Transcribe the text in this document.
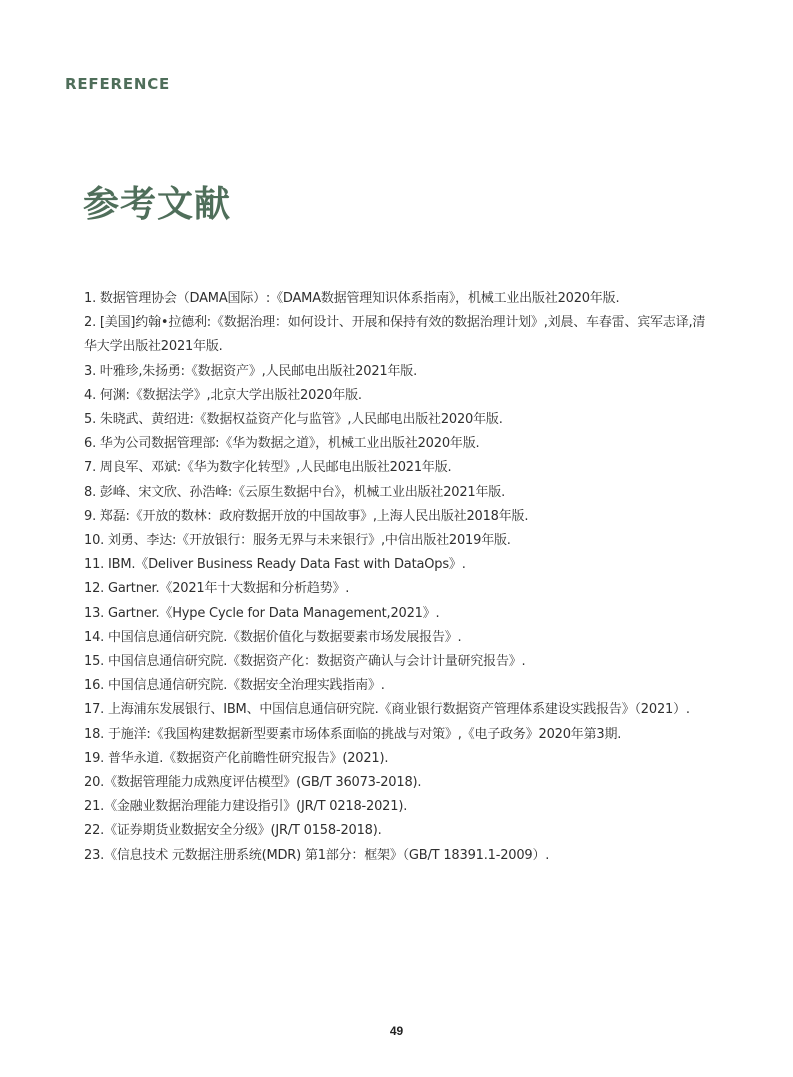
REFERENCE
参考文献
1. 数据管理协会（DAMA国际）:《DAMA数据管理知识体系指南》，机械工业出版社2020年版.
2. [美国]约翰•拉德利:《数据治理：如何设计、开展和保持有效的数据治理计划》,刘晨、车春雷、宾军志译,清华大学出版社2021年版.
3. 叶雅珍,朱扬勇:《数据资产》,人民邮电出版社2021年版.
4. 何渊:《数据法学》,北京大学出版社2020年版.
5. 朱晓武、黄绍进:《数据权益资产化与监管》,人民邮电出版社2020年版.
6. 华为公司数据管理部:《华为数据之道》，机械工业出版社2020年版.
7. 周良军、邓斌:《华为数字化转型》,人民邮电出版社2021年版.
8. 彭峰、宋文欣、孙浩峰:《云原生数据中台》，机械工业出版社2021年版.
9. 郑磊:《开放的数林：政府数据开放的中国故事》,上海人民出版社2018年版.
10. 刘勇、李达:《开放银行：服务无界与未来银行》,中信出版社2019年版.
11. IBM.《Deliver Business Ready Data Fast with DataOps》.
12. Gartner.《2021年十大数据和分析趋势》.
13. Gartner.《Hype Cycle for Data Management,2021》.
14. 中国信息通信研究院.《数据价值化与数据要素市场发展报告》.
15. 中国信息通信研究院.《数据资产化：数据资产确认与会计计量研究报告》.
16. 中国信息通信研究院.《数据安全治理实践指南》.
17. 上海浦东发展银行、IBM、中国信息通信研究院.《商业银行数据资产管理体系建设实践报告》（2021）.
18. 于施洋:《我国构建数据新型要素市场体系面临的挑战与对策》,《电子政务》2020年第3期.
19. 普华永道.《数据资产化前瞻性研究报告》(2021).
20.《数据管理能力成熟度评估模型》(GB/T 36073-2018).
21.《金融业数据治理能力建设指引》(JR/T 0218-2021).
22.《证券期货业数据安全分级》(JR/T 0158-2018).
23.《信息技术 元数据注册系统(MDR) 第1部分：框架》（GB/T 18391.1-2009）.
49
